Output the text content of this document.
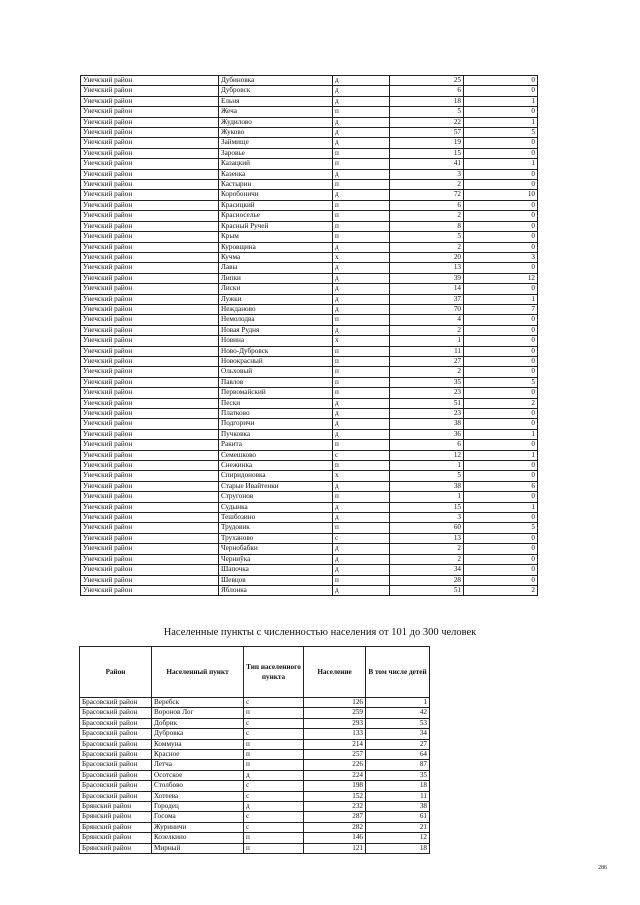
Унечский район	Дубиновка	д	25	0
Унечский район	Дубровск	д	6	0
Унечский район	Ельня	д	18	1
Унечский район	Жеча	п	5	0
Унечский район	Жудилово	д	22	1
Унечский район	Жуково	д	57	5
Унечский район	Займище	д	19	0
Унечский район	Заровье	п	15	0
Унечский район	Казацкий	п	41	1
Унечский район	Казенка	д	3	0
Унечский район	Кастырин	п	2	0
Унечский район	Коробоничи	д	72	10
Унечский район	Красицкий	п	6	0
Унечский район	Красноселье	п	2	0
Унечский район	Красный Ручей	п	8	0
Унечский район	Крым	п	5	0
Унечский район	Куровщина	д	2	0
Унечский район	Кучма	х	20	3
Унечский район	Лавы	д	13	0
Унечский район	Липки	д	39	12
Унечский район	Лиски	д	14	0
Унечский район	Лужки	д	37	1
Унечский район	Нежданово	д	70	7
Унечский район	Немолодва	п	4	0
Унечский район	Новая Рудня	д	2	0
Унечский район	Новина	х	1	0
Унечский район	Ново-Дубровск	п	11	0
Унечский район	Новокрасный	п	27	0
Унечский район	Ольховый	п	2	0
Унечский район	Павлов	п	35	5
Унечский район	Первомайский	п	23	0
Унечский район	Пески	д	51	2
Унечский район	Платково	д	23	0
Унечский район	Подгоричи	д	38	0
Унечский район	Пучковка	д	36	1
Унечский район	Ракита	п	6	0
Унечский район	Семешково	с	12	1
Унечский район	Снежинка	п	1	0
Унечский район	Спиридоновка	х	5	0
Унечский район	Старые Ивайтенки	д	38	6
Унечский район	Стругонов	п	1	0
Унечский район	Судынка	д	15	1
Унечский район	Тешбозино	д	3	0
Унечский район	Трудовик	п	60	5
Унечский район	Труханово	с	13	0
Унечский район	Чернобабки	д	2	0
Унечский район	Черниўка	д	2	0
Унечский район	Шапочка	д	34	0
Унечский район	Шевцов	п	28	0
Унечский район	Яблонка	д	51	2
Населенные пункты с численностью населения от 101 до 300 человек
Район	Населенный пункт	Тип населенного пункта	Население	В том числе детей
Брасовский район	Веребск	с	126	1
Брасовский район	Воронов Лог	п	259	42
Брасовский район	Добрик	с	293	53
Брасовский район	Дубровка	с	133	34
Брасовский район	Коммуна	п	214	27
Брасовский район	Красное	п	257	64
Брасовский район	Летча	п	226	87
Брасовский район	Осотское	д	224	35
Брасовский район	Столбово	с	198	18
Брасовский район	Хотеева	с	152	11
Брянский район	Городец	д	232	38
Брянский район	Госома	с	287	61
Брянский район	Журиничи	с	282	21
Брянский район	Козелкино	п	146	12
Брянский район	Мирный	п	121	18
286
